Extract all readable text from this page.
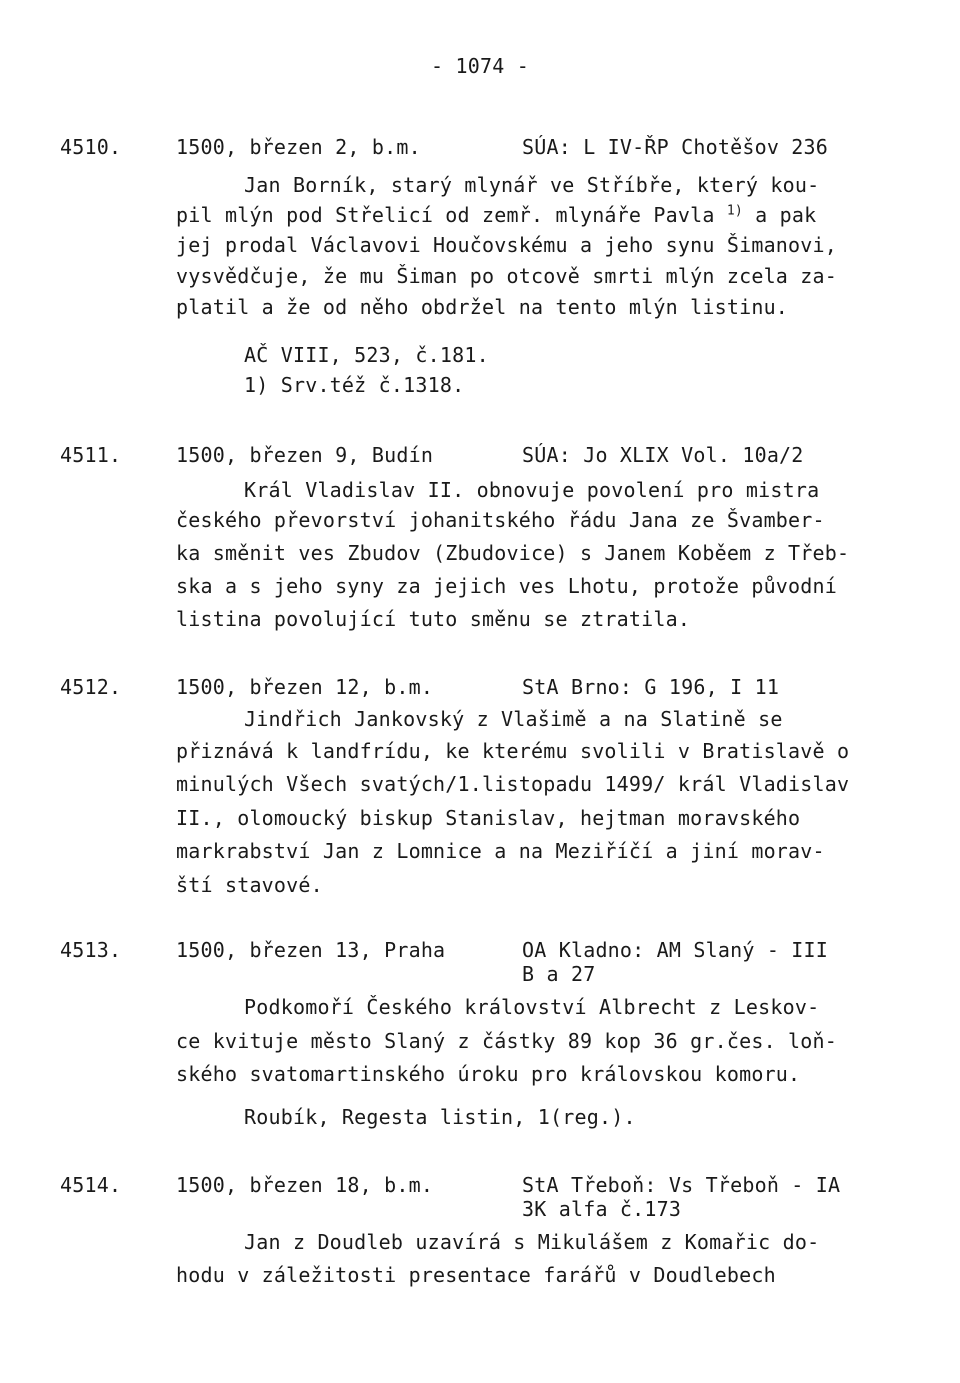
- 1074 -
4510.	1500, březen 2, b.m.	SÚA: L IV-ŘP Chotěšov 236
Jan Borník, starý mlynář ve Stříbře, který kou-
pil mlýn pod Střelicí od zemř. mlynáře Pavla $^{1)}$ a pak
jej prodal Václavovi Houčovskému a jeho synu Šimanovi,
vysvědčuje, že mu Šiman po otcově smrti mlýn zcela za-
platil a že od něho obdržel na tento mlýn listinu.
AČ VIII, 523, č.181.
1) Srv.též č.1318.
4511.	1500, březen 9, Budín	SÚA: Jo XLIX Vol. 10a/2
Král Vladislav II. obnovuje povolení pro mistra
českého převorství johanitského řádu Jana ze Švamber-
ka směnit ves Zbudov (Zbudovice) s Janem Koběem z Třeb-
ska a s jeho syny za jejich ves Lhotu, protože původní
listina povolující tuto směnu se ztratila.
4512.	1500, březen 12, b.m.	StA Brno: G 196, I 11
Jindřich Jankovský z Vlašimě a na Slatině se
přiznává k landfrídu, ke kterému svolili v Bratislavě o
minulých Všech svatých/1.listopadu 1499/ král Vladislav
II., olomoucký biskup Stanislav, hejtman moravského
markrabství Jan z Lomnice a na Meziříčí a jiní morav-
ští stavové.
4513.	1500, březen 13, Praha	OA Kladno: AM Slaný - III
B a 27
Podkomoří Českého království Albrecht z Leskov-
ce kvituje město Slaný z částky 89 kop 36 gr.čes. loň-
ského svatomartinského úroku pro královskou komoru.
Roubík, Regesta listin, 1(reg.).
4514.	1500, březen 18, b.m.	StA Třeboň: Vs Třeboň - IA
3K alfa č.173
Jan z Doudleb uzavírá s Mikulášem z Komařic do-
hodu v záležitosti presentace farářů v Doudlebech
